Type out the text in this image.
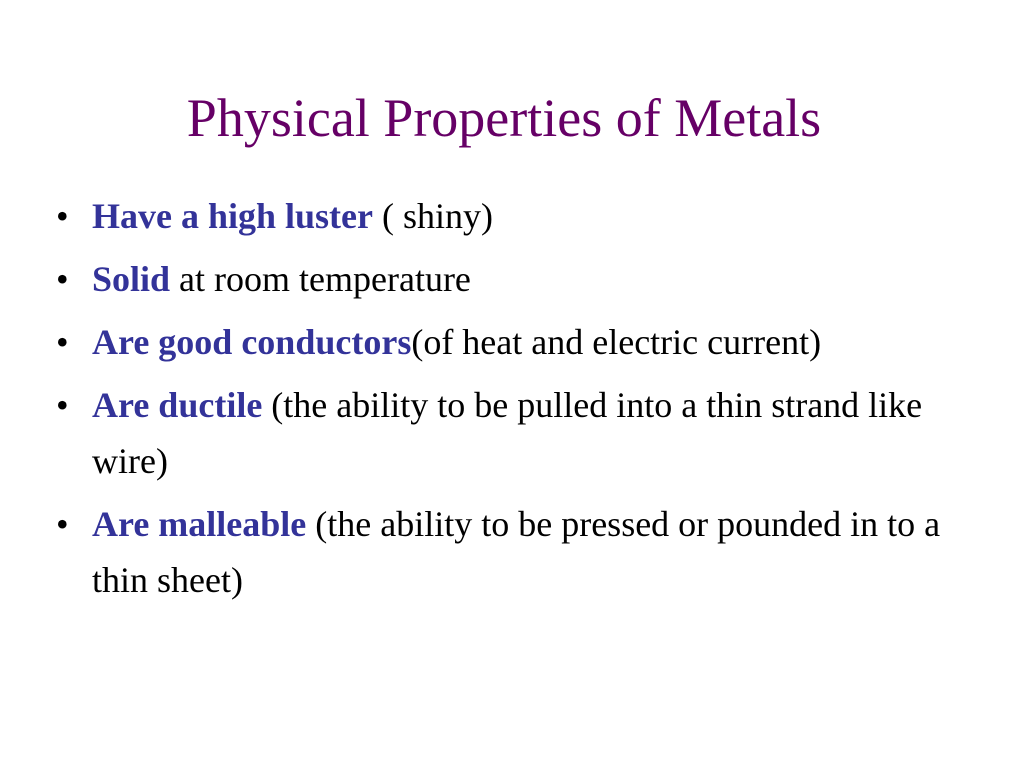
Physical Properties of Metals
• Have a high luster ( shiny)
• Solid at room temperature
• Are good conductors(of heat and electric current)
• Are ductile (the ability to be pulled into a thin strand like wire)
• Are malleable (the ability to be pressed or pounded in to a thin sheet)
